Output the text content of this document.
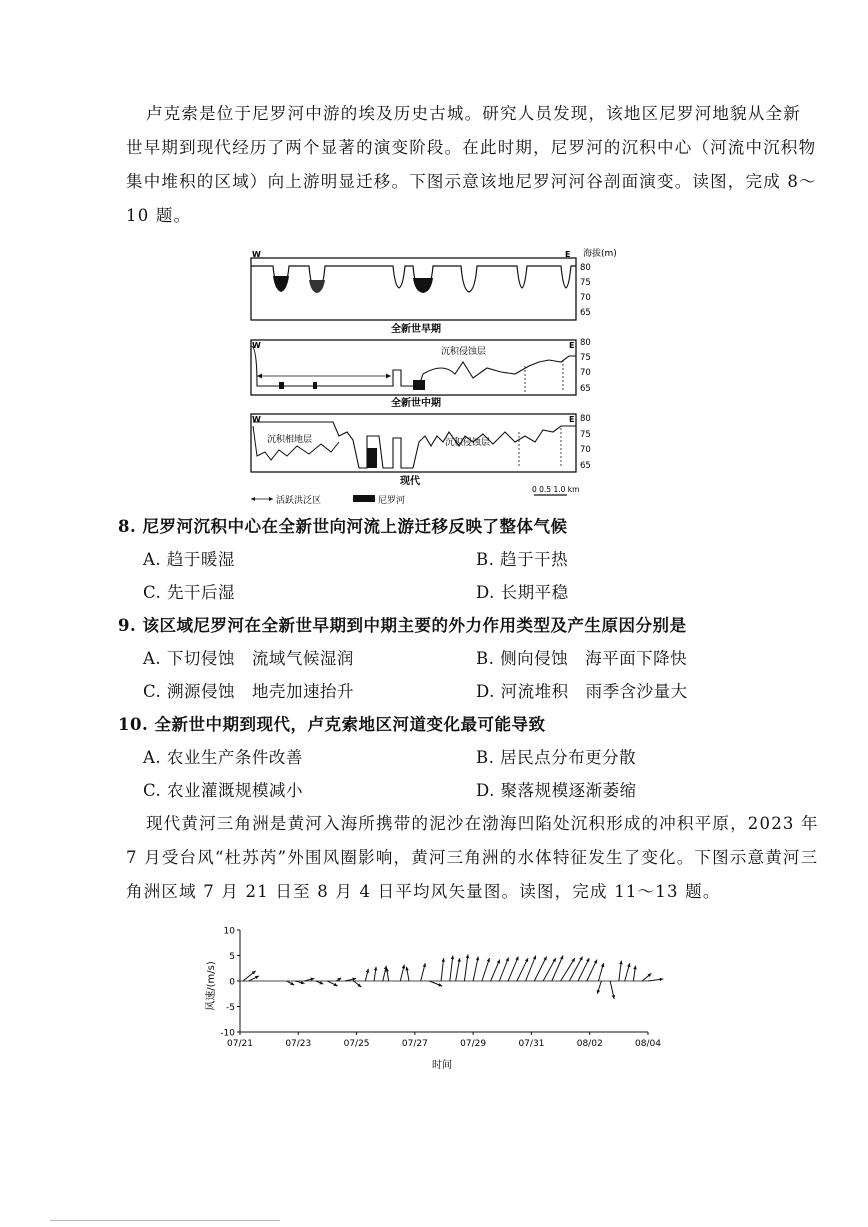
卢克索是位于尼罗河中游的埃及历史古城。研究人员发现，该地区尼罗河地貌从全新
世早期到现代经历了两个显著的演变阶段。在此时期，尼罗河的沉积中心（河流中沉积物
集中堆积的区域）向上游明显迁移。下图示意该地尼罗河河谷剖面演变。读图，完成 8～
10 题。
W	E 海拔(m)
80
75
70
65
全新世早期
W	E
沉积侵蚀层
80
75
70
65
全新世中期
W	E
沉积相地层	沉积侵蚀层
80
75
70
65
现代
活跃洪泛区	尼罗河
0 0.5 1.0 km
8. 尼罗河沉积中心在全新世向河流上游迁移反映了整体气候
A. 趋于暖湿	B. 趋于干热
C. 先干后湿	D. 长期平稳
9. 该区域尼罗河在全新世早期到中期主要的外力作用类型及产生原因分别是
A. 下切侵蚀　流域气候湿润	B. 侧向侵蚀　海平面下降快
C. 溯源侵蚀　地壳加速抬升	D. 河流堆积　雨季含沙量大
10. 全新世中期到现代，卢克索地区河道变化最可能导致
A. 农业生产条件改善	B. 居民点分布更分散
C. 农业灌溉规模减小	D. 聚落规模逐渐萎缩
现代黄河三角洲是黄河入海所携带的泥沙在渤海凹陷处沉积形成的冲积平原，2023 年
7 月受台风“杜苏芮”外围风圈影响，黄河三角洲的水体特征发生了变化。下图示意黄河三
角洲区域 7 月 21 日至 8 月 4 日平均风矢量图。读图，完成 11～13 题。
10
5
0
-5
-10
07/21	07/23	07/25	07/27	07/29	07/31	08/02	08/04
风速/(m/s)
时间
